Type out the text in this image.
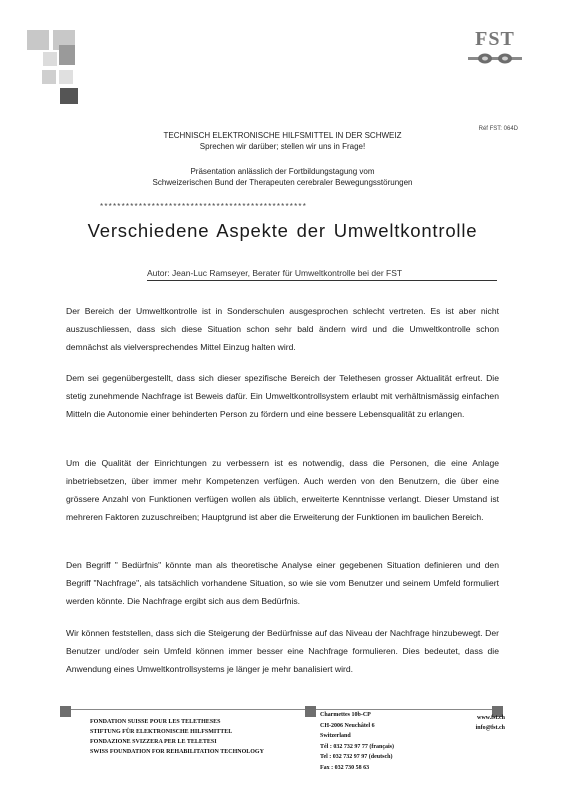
FST
Réf FST: 064D
TECHNISCH ELEKTRONISCHE HILFSMITTEL IN DER SCHWEIZ
Sprechen wir darüber; stellen wir uns in Frage!
Präsentation anlässlich der Fortbildungstagung vom
Schweizerischen Bund der Therapeuten cerebraler Bewegungsstörungen
************************************************
Verschiedene Aspekte der Umweltkontrolle
Autor: Jean-Luc Ramseyer, Berater für Umweltkontrolle bei der FST

Der Bereich der Umweltkontrolle ist in Sonderschulen ausgesprochen schlecht vertreten. Es ist aber nicht auszuschliessen, dass sich diese Situation schon sehr bald ändern wird und die Umweltkontrolle schon demnächst als vielversprechendes Mittel Einzug halten wird.

Dem sei gegenübergestellt, dass sich dieser spezifische Bereich der Telethesen grosser Aktualität erfreut. Die stetig zunehmende Nachfrage ist Beweis dafür. Ein Umweltkontrollsystem erlaubt mit verhältnismässig einfachen Mitteln die Autonomie einer behinderten Person zu fördern und eine bessere Lebensqualität zu erlangen.

Um die Qualität der Einrichtungen zu verbessern ist es notwendig, dass die Personen, die eine Anlage inbetriebsetzen, über immer mehr Kompetenzen verfügen. Auch werden von den Benutzern, die über eine grössere Anzahl von Funktionen verfügen wollen als üblich, erweiterte Kenntnisse verlangt. Dieser Umstand ist mehreren Faktoren zuzuschreiben; Hauptgrund ist aber die Erweiterung der Funktionen im baulichen Bereich.

Den Begriff " Bedürfnis" könnte man als theoretische Analyse einer gegebenen Situation definieren und den Begriff "Nachfrage", als tatsächlich vorhandene Situation, so wie sie vom Benutzer und seinem Umfeld formuliert werden könnte. Die Nachfrage ergibt sich aus dem Bedürfnis.

Wir können feststellen, dass sich die Steigerung der Bedürfnisse auf das Niveau der Nachfrage hinzubewegt. Der Benutzer und/oder sein Umfeld können immer besser eine Nachfrage formulieren. Dies bedeutet, dass die Anwendung eines Umweltkontrollsystems je länger je mehr banalisiert wird.

FONDATION SUISSE POUR LES TELETHESES
STIFTUNG FÜR ELEKTRONISCHE HILFSMITTEL
FONDAZIONE SVIZZERA PER LE TELETESI
SWISS FOUNDATION FOR REHABILITATION TECHNOLOGY
Charmettes 10b-CP
CH-2006 Neuchâtel 6
Switzerland
Tél : 032 732 97 77 (français)
Tel : 032 732 97 97 (deutsch)
Fax : 032 730 58 63
www.fst.ch
info@fst.ch
